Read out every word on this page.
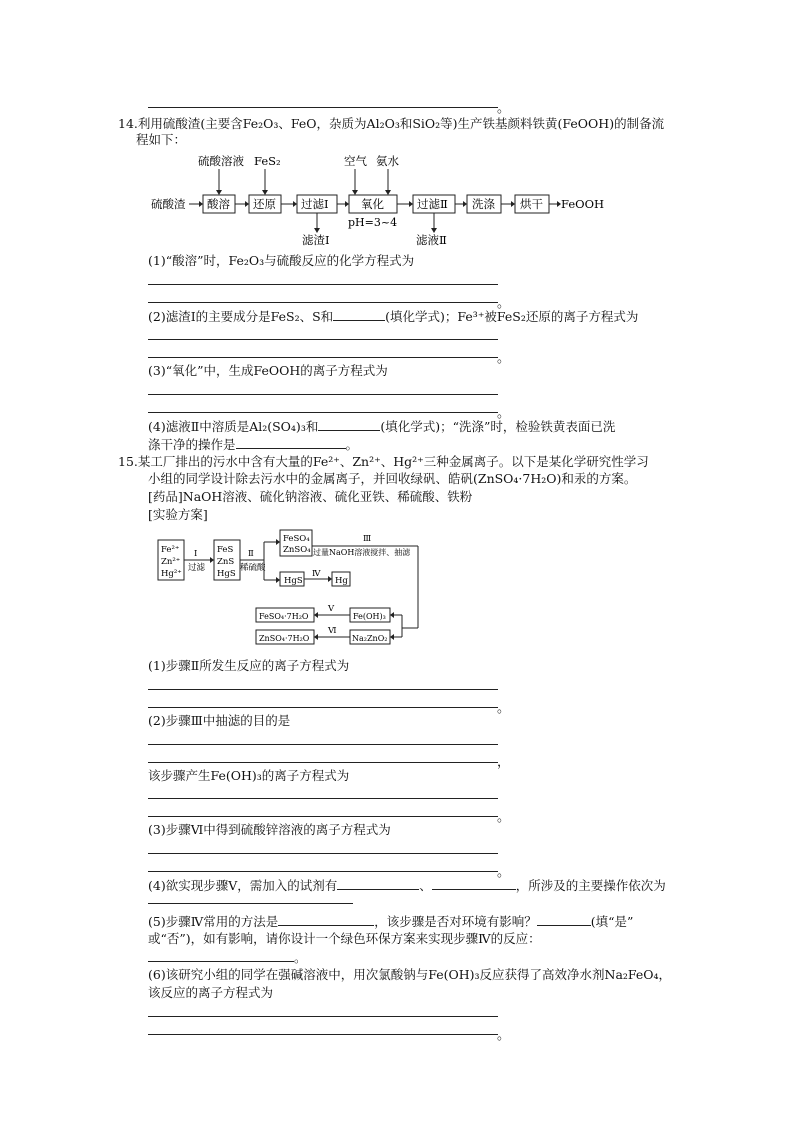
。
14.利用硫酸渣(主要含Fe₂O₃、FeO，杂质为Al₂O₃和SiO₂等)生产铁基颜料铁黄(FeOOH)的制备流
程如下：
硫酸溶液 FeS₂	空气 氨水
硫酸渣 酸溶 还原 过滤Ⅰ	氧化	过滤Ⅱ 洗涤 烘干 FeOOH
pH=3~4
滤渣Ⅰ	滤液Ⅱ
(1)“酸溶”时，Fe₂O₃与硫酸反应的化学方程式为
。
(2)滤渣Ⅰ的主要成分是FeS₂、S和	(填化学式)；Fe³⁺被FeS₂还原的离子方程式为
。
(3)“氧化”中，生成FeOOH的离子方程式为
。
(4)滤液Ⅱ中溶质是Al₂(SO₄)₃和	(填化学式)；“洗涤”时，检验铁黄表面已洗
涤干净的操作是	。
15.某工厂排出的污水中含有大量的Fe²⁺、Zn²⁺、Hg²⁺三种金属离子。以下是某化学研究性学习
小组的同学设计除去污水中的金属离子，并回收绿矾、皓矾(ZnSO₄·7H₂O)和汞的方案。
[药品]NaOH溶液、硫化钠溶液、硫化亚铁、稀硫酸、铁粉
[实验方案]
Fe²⁺
Zn²⁺
Hg²⁺
Ⅰ
过滤
FeS
ZnS
HgS
Ⅱ
稀硫酸
FeSO₄
ZnSO₄
Ⅲ
过量NaOH溶液搅拌、抽滤
HgS
Ⅳ
Hg
FeSO₄·7H₂O
Ⅴ
Fe(OH)₃
ZnSO₄·7H₂O
Ⅵ
Na₂ZnO₂
(1)步骤Ⅱ所发生反应的离子方程式为
。
(2)步骤Ⅲ中抽滤的目的是
，
该步骤产生Fe(OH)₃的离子方程式为
。
(3)步骤Ⅵ中得到硫酸锌溶液的离子方程式为
。
(4)欲实现步骤Ⅴ，需加入的试剂有	、	，所涉及的主要操作依次为
(5)步骤Ⅳ常用的方法是	，该步骤是否对环境有影响？	(填“是”
或“否”)，如有影响，请你设计一个绿色环保方案来实现步骤Ⅳ的反应：
。
(6)该研究小组的同学在强碱溶液中，用次氯酸钠与Fe(OH)₃反应获得了高效净水剂Na₂FeO₄，
该反应的离子方程式为
。
